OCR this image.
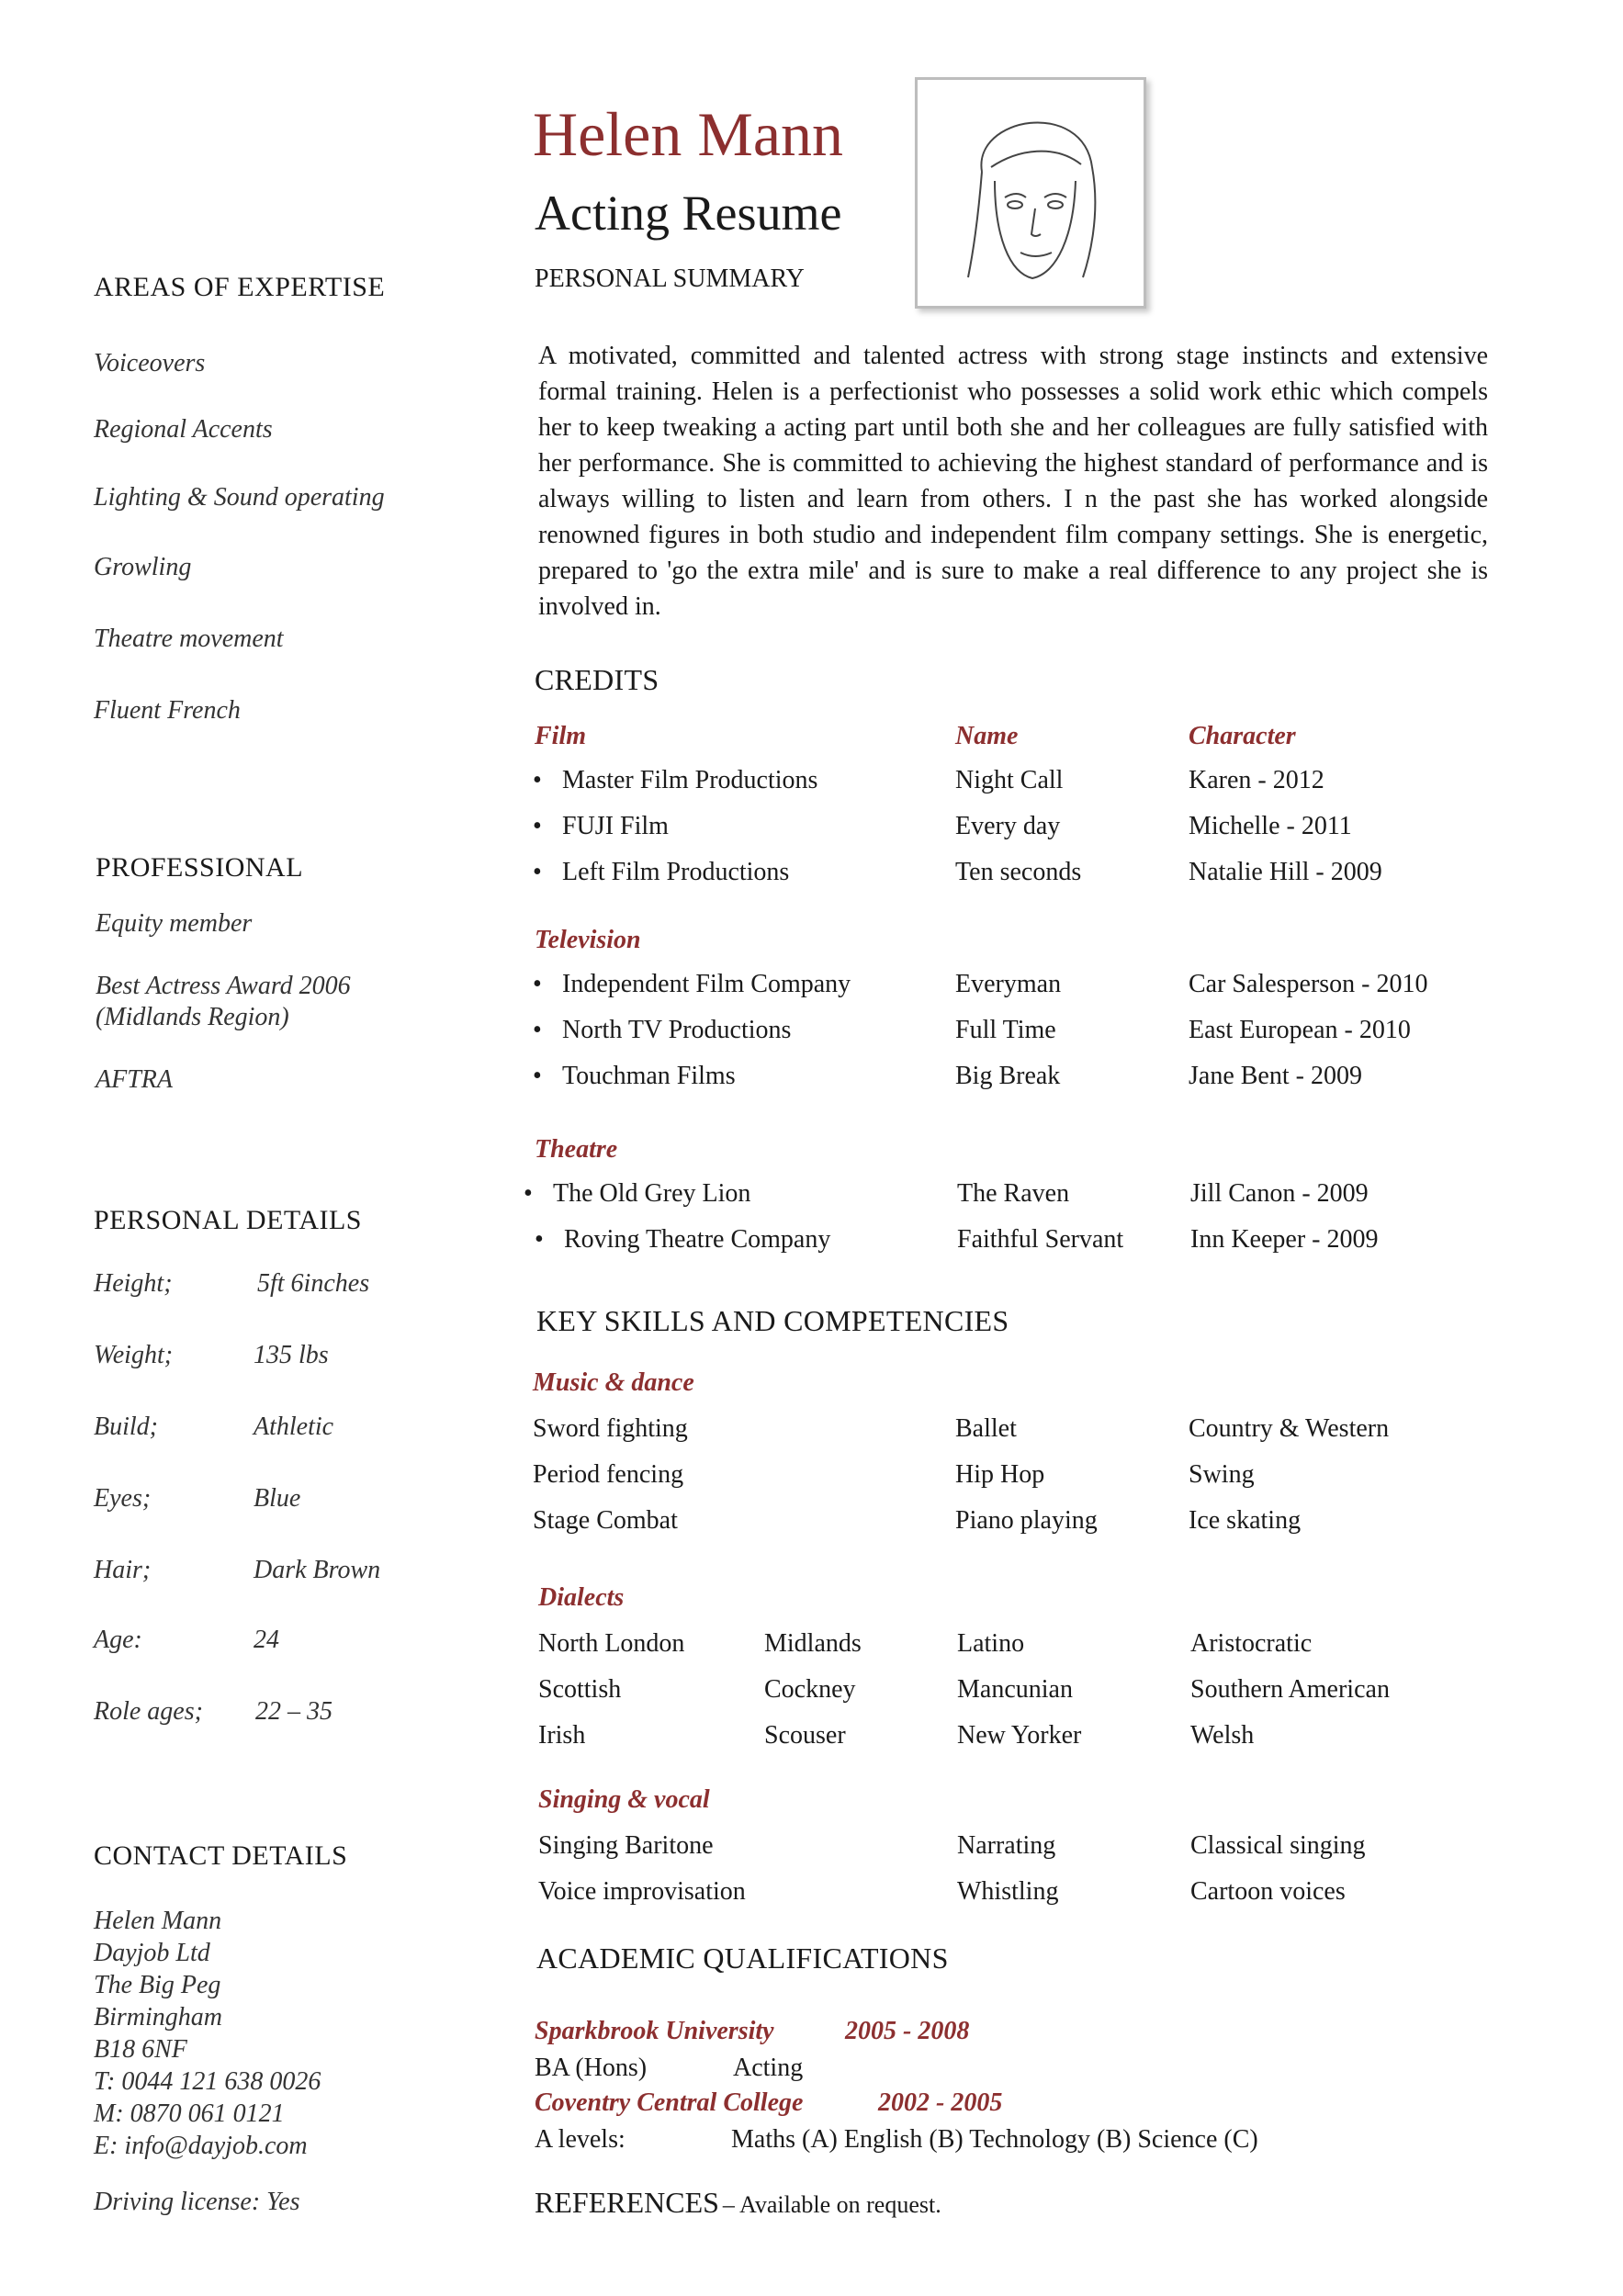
Helen Mann
Acting Resume
PERSONAL SUMMARY
A motivated, committed and talented actress with strong stage instincts and extensive formal training. Helen is a perfectionist who possesses a solid work ethic which compels her to keep tweaking a acting part until both she and her colleagues are fully satisfied with her performance. She is committed to achieving the highest standard of performance and is always willing to listen and learn from others. I n the past she has worked alongside renowned figures in both studio and independent film company settings. She is energetic, prepared to 'go the extra mile' and is sure to make a real difference to any project she is involved in.
AREAS OF EXPERTISE
Voiceovers
Regional Accents
Lighting & Sound operating
Growling
Theatre movement
Fluent French
PROFESSIONAL
Equity member
Best Actress Award 2006
(Midlands Region)
AFTRA
PERSONAL DETAILS
Height;	5ft 6inches
Weight;	135 lbs
Build;	Athletic
Eyes;	Blue
Hair;	Dark Brown
Age:	24
Role ages; 22 – 35
CONTACT DETAILS
Helen Mann
Dayjob Ltd
The Big Peg
Birmingham
B18 6NF
T: 0044 121 638 0026
M: 0870 061 0121
E: info@dayjob.com
Driving license: Yes
CREDITS
Film	Name	Character
• Master Film Productions	Night Call	Karen - 2012
• FUJI Film	Every day	Michelle - 2011
• Left Film Productions	Ten seconds	Natalie Hill - 2009
Television
• Independent Film Company	Everyman	Car Salesperson - 2010
• North TV Productions	Full Time	East European - 2010
• Touchman Films	Big Break	Jane Bent - 2009
Theatre
• The Old Grey Lion	The Raven	Jill Canon - 2009
• Roving Theatre Company	Faithful Servant	Inn Keeper - 2009
KEY SKILLS AND COMPETENCIES
Music & dance
Sword fighting	Ballet	Country & Western
Period fencing	Hip Hop	Swing
Stage Combat	Piano playing	Ice skating
Dialects
North London	Midlands	Latino	Aristocratic
Scottish	Cockney	Mancunian	Southern American
Irish	Scouser	New Yorker	Welsh
Singing & vocal
Singing Baritone	Narrating	Classical singing
Voice improvisation	Whistling	Cartoon voices
ACADEMIC QUALIFICATIONS
Sparkbrook University	2005 - 2008
BA (Hons)	Acting
Coventry Central College	2002 - 2005
A levels:	Maths (A) English (B) Technology (B) Science (C)
REFERENCES – Available on request.
